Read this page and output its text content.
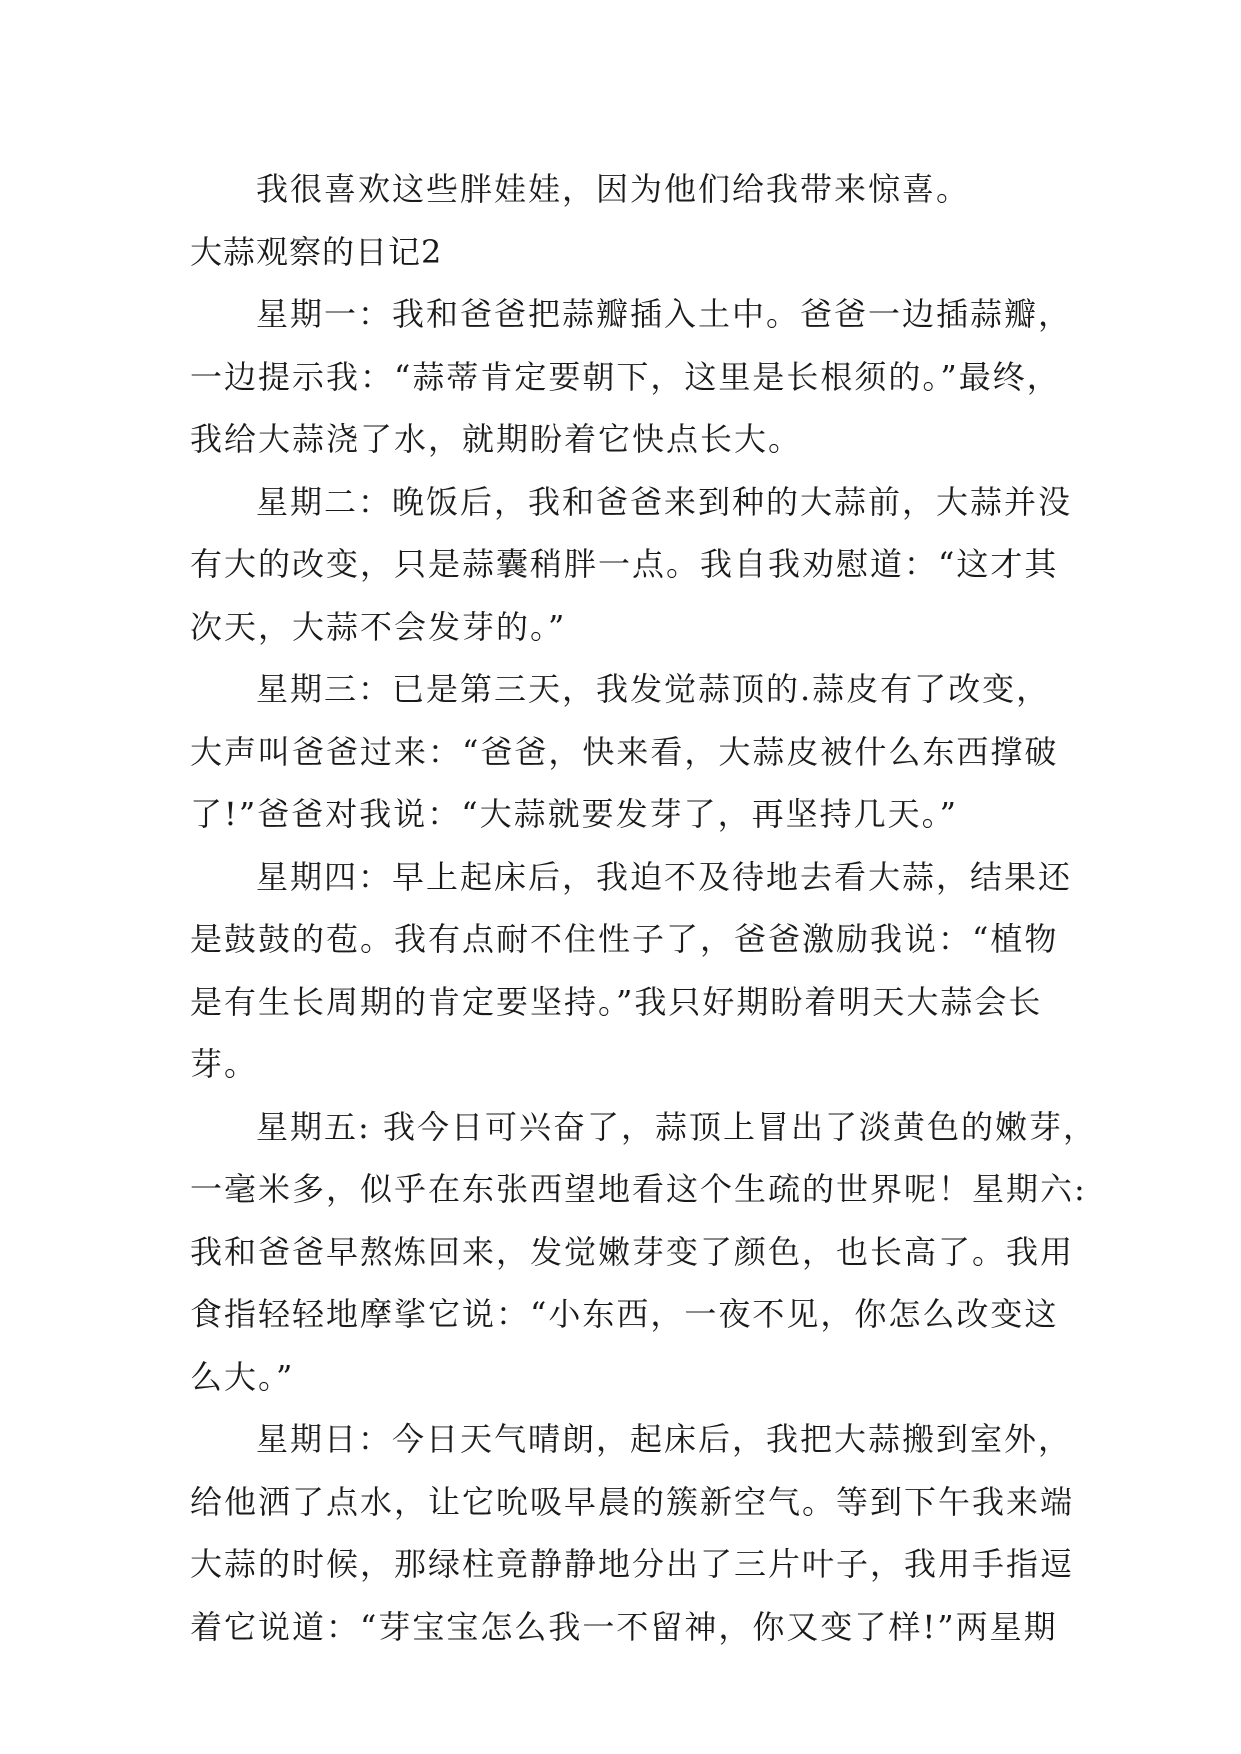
我很喜欢这些胖娃娃，因为他们给我带来惊喜。
大蒜观察的日记2
星期一：我和爸爸把蒜瓣插入土中。爸爸一边插蒜瓣，
一边提示我：“蒜蒂肯定要朝下，这里是长根须的。”最终，
我给大蒜浇了水，就期盼着它快点长大。
星期二：晚饭后，我和爸爸来到种的大蒜前，大蒜并没
有大的改变，只是蒜囊稍胖一点。我自我劝慰道：“这才其
次天，大蒜不会发芽的。”
星期三：已是第三天，我发觉蒜顶的.蒜皮有了改变，
大声叫爸爸过来：“爸爸，快来看，大蒜皮被什么东西撑破
了!”爸爸对我说：“大蒜就要发芽了，再坚持几天。”
星期四：早上起床后，我迫不及待地去看大蒜，结果还
是鼓鼓的苞。我有点耐不住性子了，爸爸激励我说：“植物
是有生长周期的肯定要坚持。”我只好期盼着明天大蒜会长
芽。
星期五: 我今日可兴奋了，蒜顶上冒出了淡黄色的嫩芽，
一毫米多，似乎在东张西望地看这个生疏的世界呢！星期六:
我和爸爸早熬炼回来，发觉嫩芽变了颜色，也长高了。我用
食指轻轻地摩挲它说：“小东西，一夜不见，你怎么改变这
么大。”
星期日：今日天气晴朗，起床后，我把大蒜搬到室外，
给他洒了点水，让它吮吸早晨的簇新空气。等到下午我来端
大蒜的时候，那绿柱竟静静地分出了三片叶子，我用手指逗
着它说道：“芽宝宝怎么我一不留神，你又变了样!”两星期
